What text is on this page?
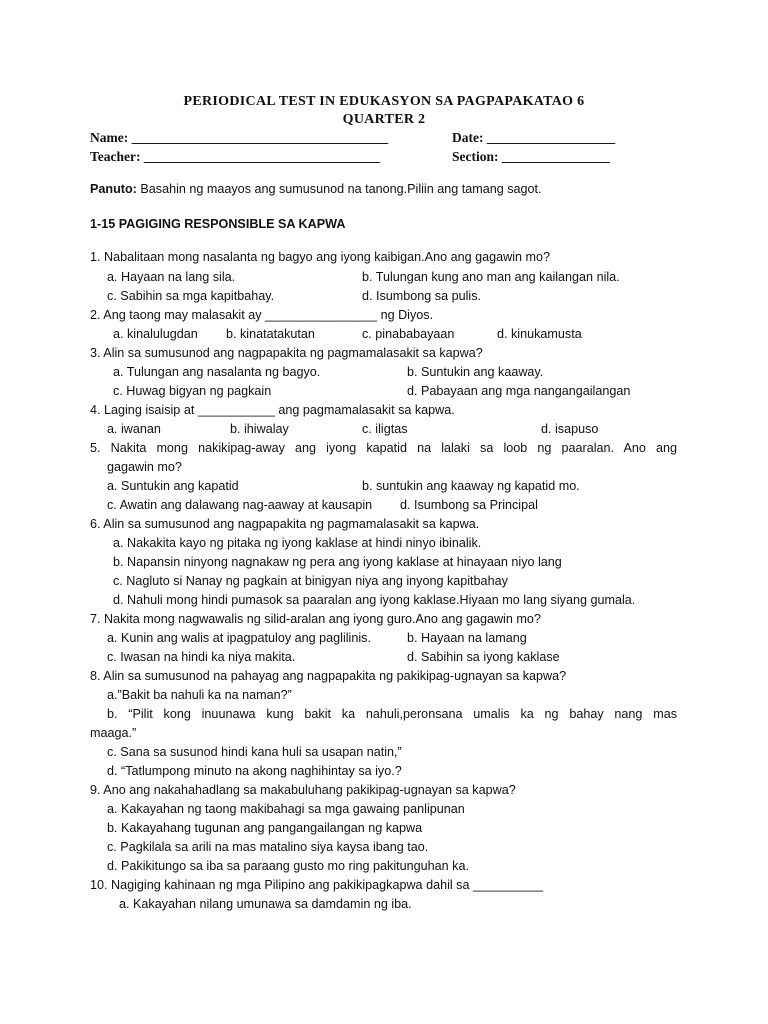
PERIODICAL TEST IN EDUKASYON SA PAGPAPAKATAO 6
QUARTER 2
Name: ______________________________________	Date: ___________________
Teacher: ___________________________________	Section: ________________
Panuto: Basahin ng maayos ang sumusunod na tanong.Piliin ang tamang sagot.
1-15 PAGIGING RESPONSIBLE SA KAPWA
1. Nabalitaan mong nasalanta ng bagyo ang iyong kaibigan.Ano ang gagawin mo?
a. Hayaan na lang sila.	b. Tulungan kung ano man ang kailangan nila.
c. Sabihin sa mga kapitbahay.	d. Isumbong sa pulis.
2. Ang taong may malasakit ay ________________ ng Diyos.
a. kinalulugdan b. kinatatakutan	c. pinababayaan	d. kinukamusta
3. Alin sa sumusunod ang nagpapakita ng pagmamalasakit sa kapwa?
a. Tulungan ang nasalanta ng bagyo.	b. Suntukin ang kaaway.
c. Huwag bigyan ng pagkain	d. Pabayaan ang mga nangangailangan
4. Laging isaisip at ___________ ang pagmamalasakit sa kapwa.
a. iwanan	b. ihiwalay	c. iligtas	d. isapuso
5. Nakita mong nakikipag-away ang iyong kapatid na lalaki sa loob ng paaralan. Ano ang
gagawin mo?
a. Suntukin ang kapatid	b. suntukin ang kaaway ng kapatid mo.
c. Awatin ang dalawang nag-aaway at kausapin d. Isumbong sa Principal
6. Alin sa sumusunod ang nagpapakita ng pagmamalasakit sa kapwa.
a. Nakakita kayo ng pitaka ng iyong kaklase at hindi ninyo ibinalik.
b. Napansin ninyong nagnakaw ng pera ang iyong kaklase at hinayaan niyo lang
c. Nagluto si Nanay ng pagkain at binigyan niya ang inyong kapitbahay
d. Nahuli mong hindi pumasok sa paaralan ang iyong kaklase.Hiyaan mo lang siyang gumala.
7. Nakita mong nagwawalis ng silid-aralan ang iyong guro.Ano ang gagawin mo?
a. Kunin ang walis at ipagpatuloy ang paglilinis.	b. Hayaan na lamang
c. Iwasan na hindi ka niya makita.	d. Sabihin sa iyong kaklase
8. Alin sa sumusunod na pahayag ang nagpapakita ng pakikipag-ugnayan sa kapwa?
a.”Bakit ba nahuli ka na naman?”
b. “Pilit kong inuunawa kung bakit ka nahuli,peronsana umalis ka ng bahay nang mas
maaga.”
c. Sana sa susunod hindi kana huli sa usapan natin,”
d. “Tatlumpong minuto na akong naghihintay sa iyo.?
9. Ano ang nakahahadlang sa makabuluhang pakikipag-ugnayan sa kapwa?
a. Kakayahan ng taong makibahagi sa mga gawaing panlipunan
b. Kakayahang tugunan ang pangangailangan ng kapwa
c. Pagkilala sa arili na mas matalino siya kaysa ibang tao.
d. Pakikitungo sa iba sa paraang gusto mo ring pakitunguhan ka.
10. Nagiging kahinaan ng mga Pilipino ang pakikipagkapwa dahil sa __________
a. Kakayahan nilang umunawa sa damdamin ng iba.
